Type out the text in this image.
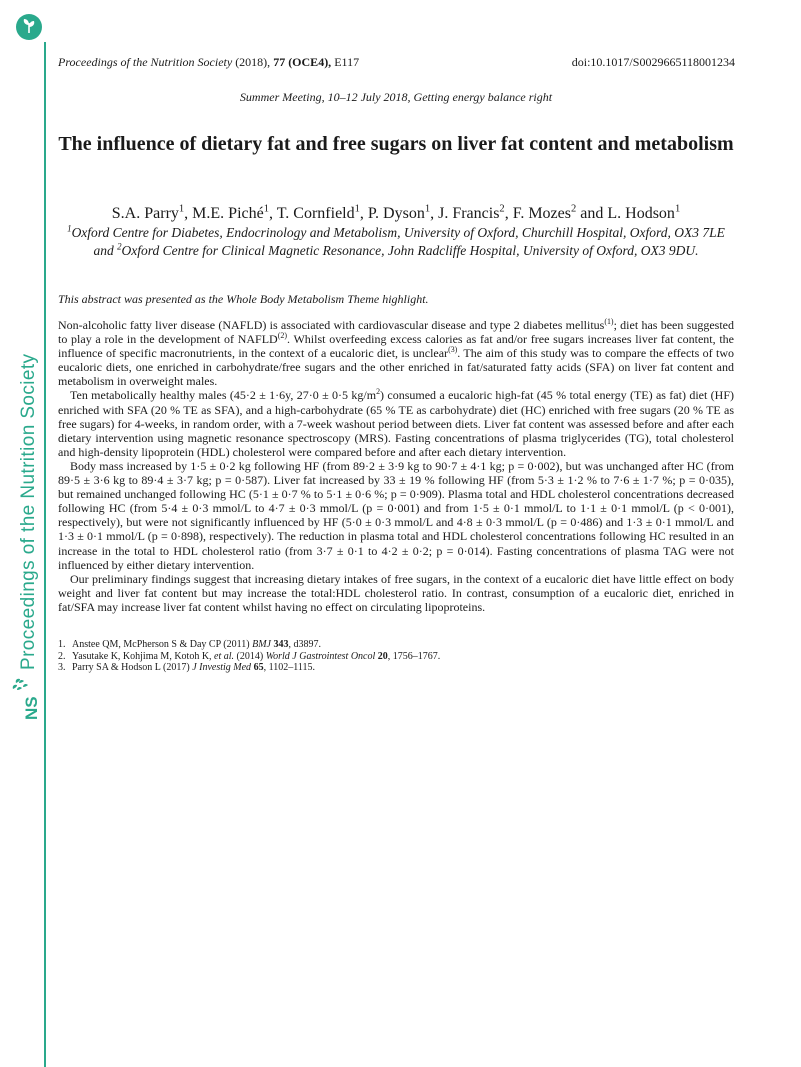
Proceedings of the Nutrition Society
NS
Proceedings of the Nutrition Society (2018), 77 (OCE4), E117	doi:10.1017/S0029665118001234
Summer Meeting, 10–12 July 2018, Getting energy balance right
The influence of dietary fat and free sugars on liver fat content and metabolism
S.A. Parry$^1$, M.E. Piché$^1$, T. Cornfield$^1$, P. Dyson$^1$, J. Francis$^2$, F. Mozes$^2$ and L. Hodson$^1$
$^1$Oxford Centre for Diabetes, Endocrinology and Metabolism, University of Oxford, Churchill Hospital, Oxford, OX3 7LE and $^2$Oxford Centre for Clinical Magnetic Resonance, John Radcliffe Hospital, University of Oxford, OX3 9DU.
This abstract was presented as the Whole Body Metabolism Theme highlight.

Non-alcoholic fatty liver disease (NAFLD) is associated with cardiovascular disease and type 2 diabetes mellitus$^{(1)}$; diet has been suggested to play a role in the development of NAFLD$^{(2)}$. Whilst overfeeding excess calories as fat and/or free sugars increases liver fat content, the influence of specific macronutrients, in the context of a eucaloric diet, is unclear$^{(3)}$. The aim of this study was to compare the effects of two eucaloric diets, one enriched in carbohydrate/free sugars and the other enriched in fat/saturated fatty acids (SFA) on liver fat content and metabolism in overweight males.

Ten metabolically healthy males (45·2 ± 1·6y, 27·0 ± 0·5 $kg/m^2$) consumed a eucaloric high-fat (45 % total energy (TE) as fat) diet (HF) enriched with SFA (20 % TE as SFA), and a high-carbohydrate (65 % TE as carbohydrate) diet (HC) enriched with free sugars (20 % TE as free sugars) for 4-weeks, in random order, with a 7-week washout period between diets. Liver fat content was assessed before and after each dietary intervention using magnetic resonance spectroscopy (MRS). Fasting concentrations of plasma triglycerides (TG), total cholesterol and high-density lipoprotein (HDL) cholesterol were compared before and after each dietary intervention.

Body mass increased by 1·5 ± 0·2 kg following HF (from 89·2 ± 3·9 kg to 90·7 ± 4·1 kg; p = 0·002), but was unchanged after HC (from 89·5 ± 3·6 kg to 89·4 ± 3·7 kg; p = 0·587). Liver fat increased by 33 ± 19 % following HF (from 5·3 ± 1·2 % to 7·6 ± 1·7 %; p = 0·035), but remained unchanged following HC (5·1 ± 0·7 % to 5·1 ± 0·6 %; p = 0·909). Plasma total and HDL cholesterol concentrations decreased following HC (from 5·4 ± 0·3 mmol/L to 4·7 ± 0·3 mmol/L (p = 0·001) and from 1·5 ± 0·1 mmol/L to 1·1 ± 0·1 mmol/L (p < 0·001), respectively), but were not significantly influenced by HF (5·0 ± 0·3 mmol/L and 4·8 ± 0·3 mmol/L (p = 0·486) and 1·3 ± 0·1 mmol/L and 1·3 ± 0·1 mmol/L (p = 0·898), respectively). The reduction in plasma total and HDL cholesterol concentrations following HC resulted in an increase in the total to HDL cholesterol ratio (from 3·7 ± 0·1 to 4·2 ± 0·2; p = 0·014). Fasting concentrations of plasma TAG were not influenced by either dietary intervention.

Our preliminary findings suggest that increasing dietary intakes of free sugars, in the context of a eucaloric diet have little effect on body weight and liver fat content but may increase the total:HDL cholesterol ratio. In contrast, consumption of a eucaloric diet, enriched in fat/SFA may increase liver fat content whilst having no effect on circulating lipoproteins.

1. Anstee QM, McPherson S & Day CP (2011) BMJ 343, d3897.
2. Yasutake K, Kohjima M, Kotoh K, et al. (2014) World J Gastrointest Oncol 20, 1756–1767.
3. Parry SA & Hodson L (2017) J Investig Med 65, 1102–1115.
